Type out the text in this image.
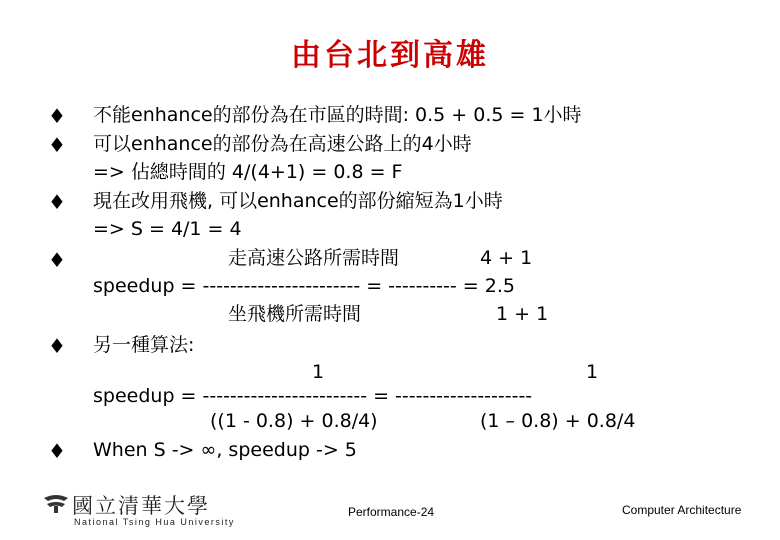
由台北到高雄
♦
♦
♦
♦
♦
♦
不能enhance的部份為在市區的時間: 0.5 + 0.5 = 1小時
可以enhance的部份為在高速公路上的4小時
=> 佔總時間的 4/(4+1) = 0.8 = F
現在改用飛機, 可以enhance的部份縮短為1小時
=> S = 4/1 = 4
走高速公路所需時間	4 + 1
speedup = ----------------------- = ---------- = 2.5
坐飛機所需時間	1 + 1
另一種算法:
1	1
speedup = ------------------------ = --------------------
((1 - 0.8) + 0.8/4)	(1 – 0.8) + 0.8/4
When S -> ∞, speedup -> 5
國立清華大學
National Tsing Hua University
Performance-24	Computer Architecture
